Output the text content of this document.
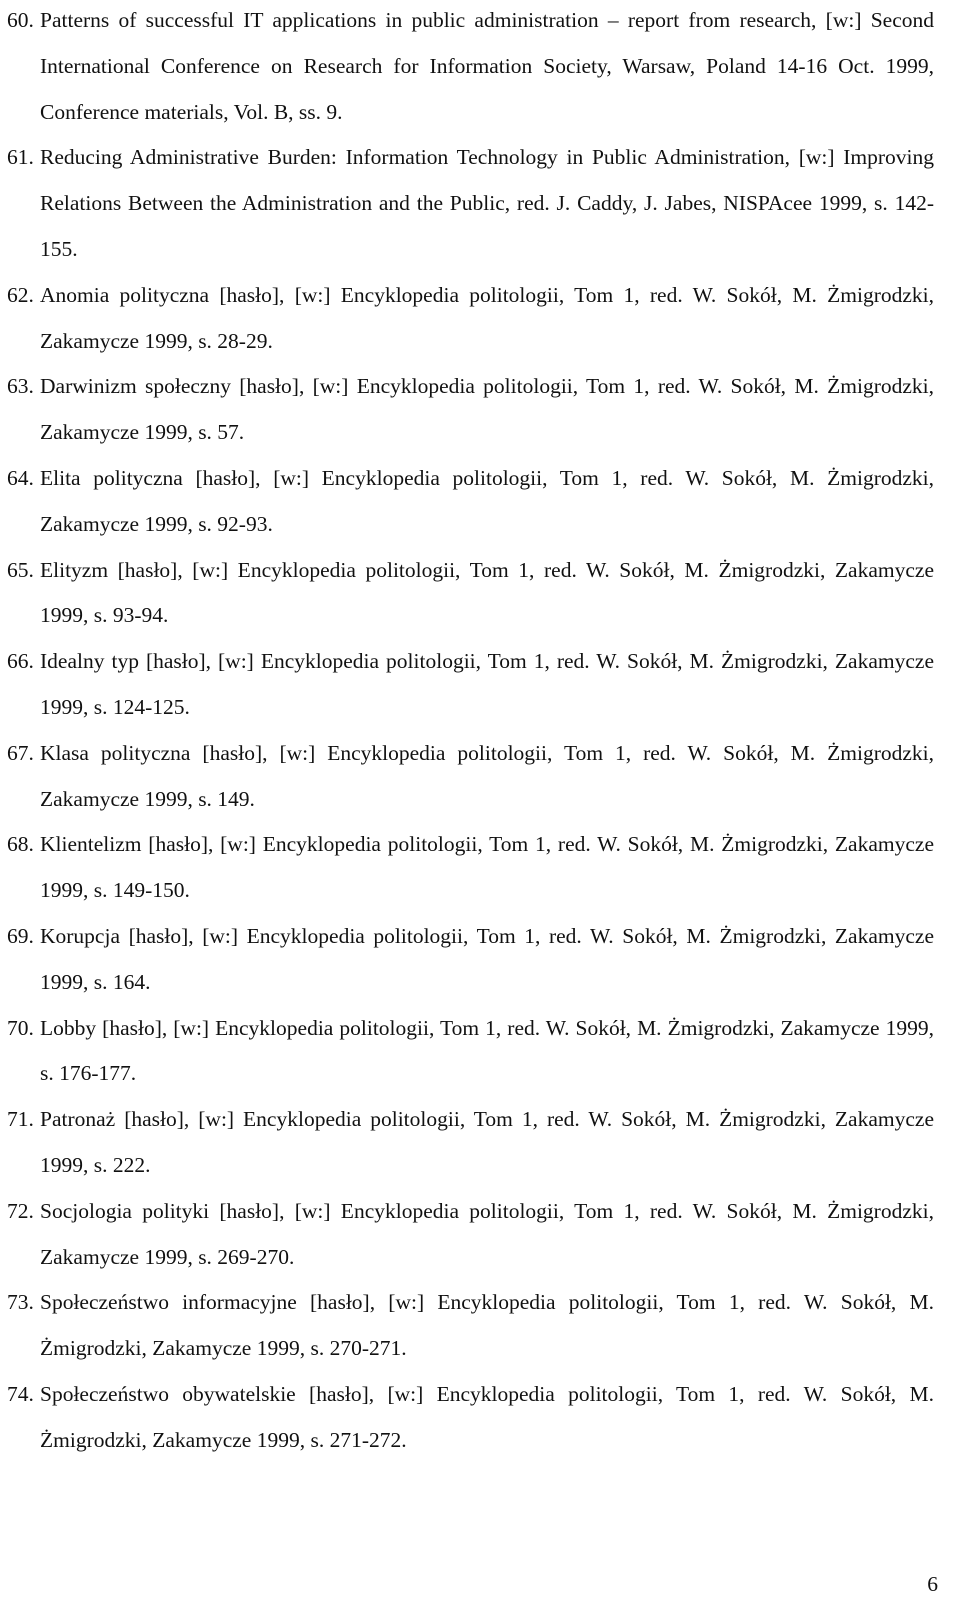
60. Patterns of successful IT applications in public administration – report from research, [w:] Second International Conference on Research for Information Society, Warsaw, Poland 14-16 Oct. 1999, Conference materials, Vol. B, ss. 9.
61. Reducing Administrative Burden: Information Technology in Public Administration, [w:] Improving Relations Between the Administration and the Public, red. J. Caddy, J. Jabes, NISPAcee 1999, s. 142-155.
62. Anomia polityczna [hasło], [w:] Encyklopedia politologii, Tom 1, red. W. Sokół, M. Żmigrodzki, Zakamycze 1999, s. 28-29.
63. Darwinizm społeczny [hasło], [w:] Encyklopedia politologii, Tom 1, red. W. Sokół, M. Żmigrodzki, Zakamycze 1999, s. 57.
64. Elita polityczna [hasło], [w:] Encyklopedia politologii, Tom 1, red. W. Sokół, M. Żmigrodzki, Zakamycze 1999, s. 92-93.
65. Elityzm [hasło], [w:] Encyklopedia politologii, Tom 1, red. W. Sokół, M. Żmigrodzki, Zakamycze 1999, s. 93-94.
66. Idealny typ [hasło], [w:] Encyklopedia politologii, Tom 1, red. W. Sokół, M. Żmigrodzki, Zakamycze 1999, s. 124-125.
67. Klasa polityczna [hasło], [w:] Encyklopedia politologii, Tom 1, red. W. Sokół, M. Żmigrodzki, Zakamycze 1999, s. 149.
68. Klientelizm [hasło], [w:] Encyklopedia politologii, Tom 1, red. W. Sokół, M. Żmigrodzki, Zakamycze 1999, s. 149-150.
69. Korupcja [hasło], [w:] Encyklopedia politologii, Tom 1, red. W. Sokół, M. Żmigrodzki, Zakamycze 1999, s. 164.
70. Lobby [hasło], [w:] Encyklopedia politologii, Tom 1, red. W. Sokół, M. Żmigrodzki, Zakamycze 1999, s. 176-177.
71. Patronaż [hasło], [w:] Encyklopedia politologii, Tom 1, red. W. Sokół, M. Żmigrodzki, Zakamycze 1999, s. 222.
72. Socjologia polityki [hasło], [w:] Encyklopedia politologii, Tom 1, red. W. Sokół, M. Żmigrodzki, Zakamycze 1999, s. 269-270.
73. Społeczeństwo informacyjne [hasło], [w:] Encyklopedia politologii, Tom 1, red. W. Sokół, M. Żmigrodzki, Zakamycze 1999, s. 270-271.
74. Społeczeństwo obywatelskie [hasło], [w:] Encyklopedia politologii, Tom 1, red. W. Sokół, M. Żmigrodzki, Zakamycze 1999, s. 271-272.
6
